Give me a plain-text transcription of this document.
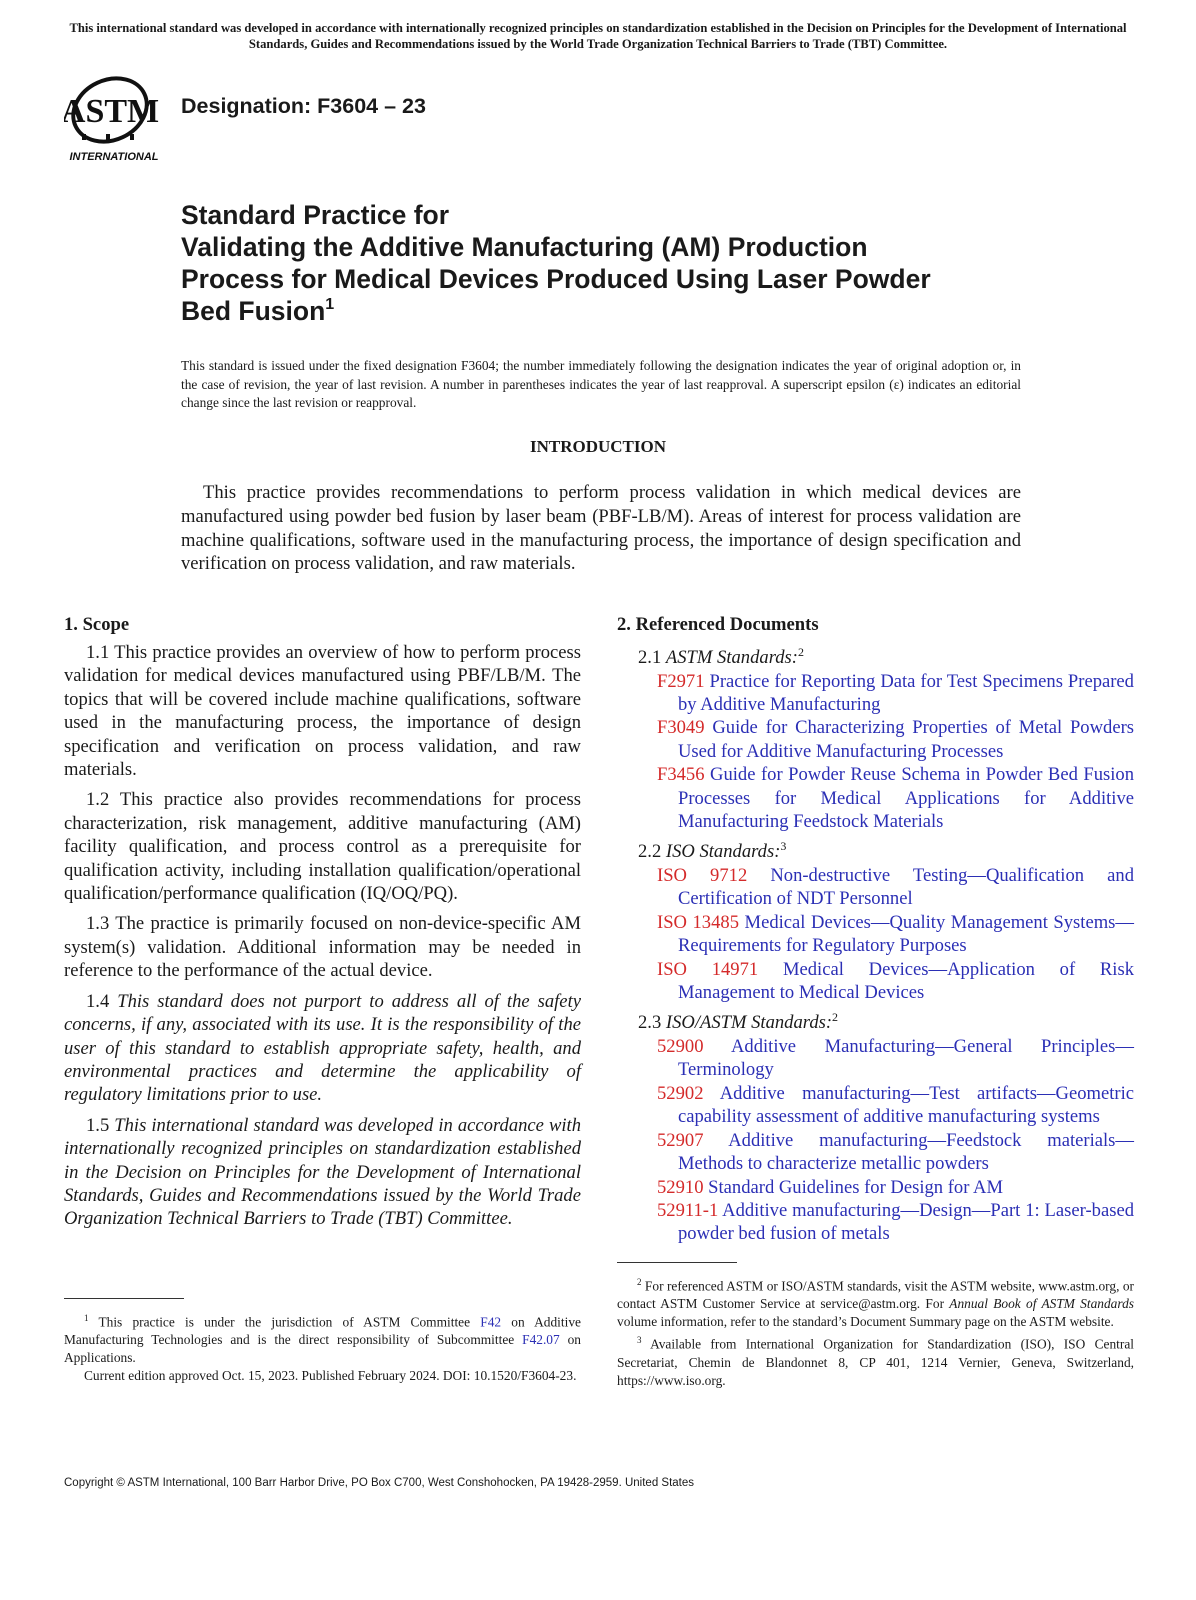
This international standard was developed in accordance with internationally recognized principles on standardization established in the Decision on Principles for the Development of International Standards, Guides and Recommendations issued by the World Trade Organization Technical Barriers to Trade (TBT) Committee.
ASTM
INTERNATIONAL
Designation: F3604 – 23
Standard Practice for
Validating the Additive Manufacturing (AM) Production
Process for Medical Devices Produced Using Laser Powder
Bed Fusion$^1$
This standard is issued under the fixed designation F3604; the number immediately following the designation indicates the year of original adoption or, in the case of revision, the year of last revision. A number in parentheses indicates the year of last reapproval. A superscript epsilon (ε) indicates an editorial change since the last revision or reapproval.
INTRODUCTION
This practice provides recommendations to perform process validation in which medical devices are manufactured using powder bed fusion by laser beam (PBF-LB/M). Areas of interest for process validation are machine qualifications, software used in the manufacturing process, the importance of design specification and verification on process validation, and raw materials.
1. Scope
1.1 This practice provides an overview of how to perform process validation for medical devices manufactured using PBF/LB/M. The topics that will be covered include machine qualifications, software used in the manufacturing process, the importance of design specification and verification on process validation, and raw materials.
1.2 This practice also provides recommendations for process characterization, risk management, additive manufacturing (AM) facility qualification, and process control as a prerequisite for qualification activity, including installation qualification/operational qualification/performance qualification (IQ/OQ/PQ).
1.3 The practice is primarily focused on non-device-specific AM system(s) validation. Additional information may be needed in reference to the performance of the actual device.
1.4 This standard does not purport to address all of the safety concerns, if any, associated with its use. It is the responsibility of the user of this standard to establish appropriate safety, health, and environmental practices and determine the applicability of regulatory limitations prior to use.
1.5 This international standard was developed in accordance with internationally recognized principles on standardization established in the Decision on Principles for the Development of International Standards, Guides and Recommendations issued by the World Trade Organization Technical Barriers to Trade (TBT) Committee.
2. Referenced Documents
2.1 ASTM Standards:$^2$
F2971 Practice for Reporting Data for Test Specimens Prepared by Additive Manufacturing
F3049 Guide for Characterizing Properties of Metal Powders Used for Additive Manufacturing Processes
F3456 Guide for Powder Reuse Schema in Powder Bed Fusion Processes for Medical Applications for Additive Manufacturing Feedstock Materials
2.2 ISO Standards:$^3$
ISO 9712 Non-destructive Testing—Qualification and Certification of NDT Personnel
ISO 13485 Medical Devices—Quality Management Systems—Requirements for Regulatory Purposes
ISO 14971 Medical Devices—Application of Risk Management to Medical Devices
2.3 ISO/ASTM Standards:$^2$
52900 Additive Manufacturing—General Principles—Terminology
52902 Additive manufacturing—Test artifacts—Geometric capability assessment of additive manufacturing systems
52907 Additive manufacturing—Feedstock materials—Methods to characterize metallic powders
52910 Standard Guidelines for Design for AM
52911-1 Additive manufacturing—Design—Part 1: Laser-based powder bed fusion of metals
$^1$ This practice is under the jurisdiction of ASTM Committee F42 on Additive Manufacturing Technologies and is the direct responsibility of Subcommittee F42.07 on Applications.
Current edition approved Oct. 15, 2023. Published February 2024. DOI: 10.1520/F3604-23.
$^2$ For referenced ASTM or ISO/ASTM standards, visit the ASTM website, www.astm.org, or contact ASTM Customer Service at service@astm.org. For Annual Book of ASTM Standards volume information, refer to the standard’s Document Summary page on the ASTM website.
$^3$ Available from International Organization for Standardization (ISO), ISO Central Secretariat, Chemin de Blandonnet 8, CP 401, 1214 Vernier, Geneva, Switzerland, https://www.iso.org.
Copyright © ASTM International, 100 Barr Harbor Drive, PO Box C700, West Conshohocken, PA 19428-2959. United States
